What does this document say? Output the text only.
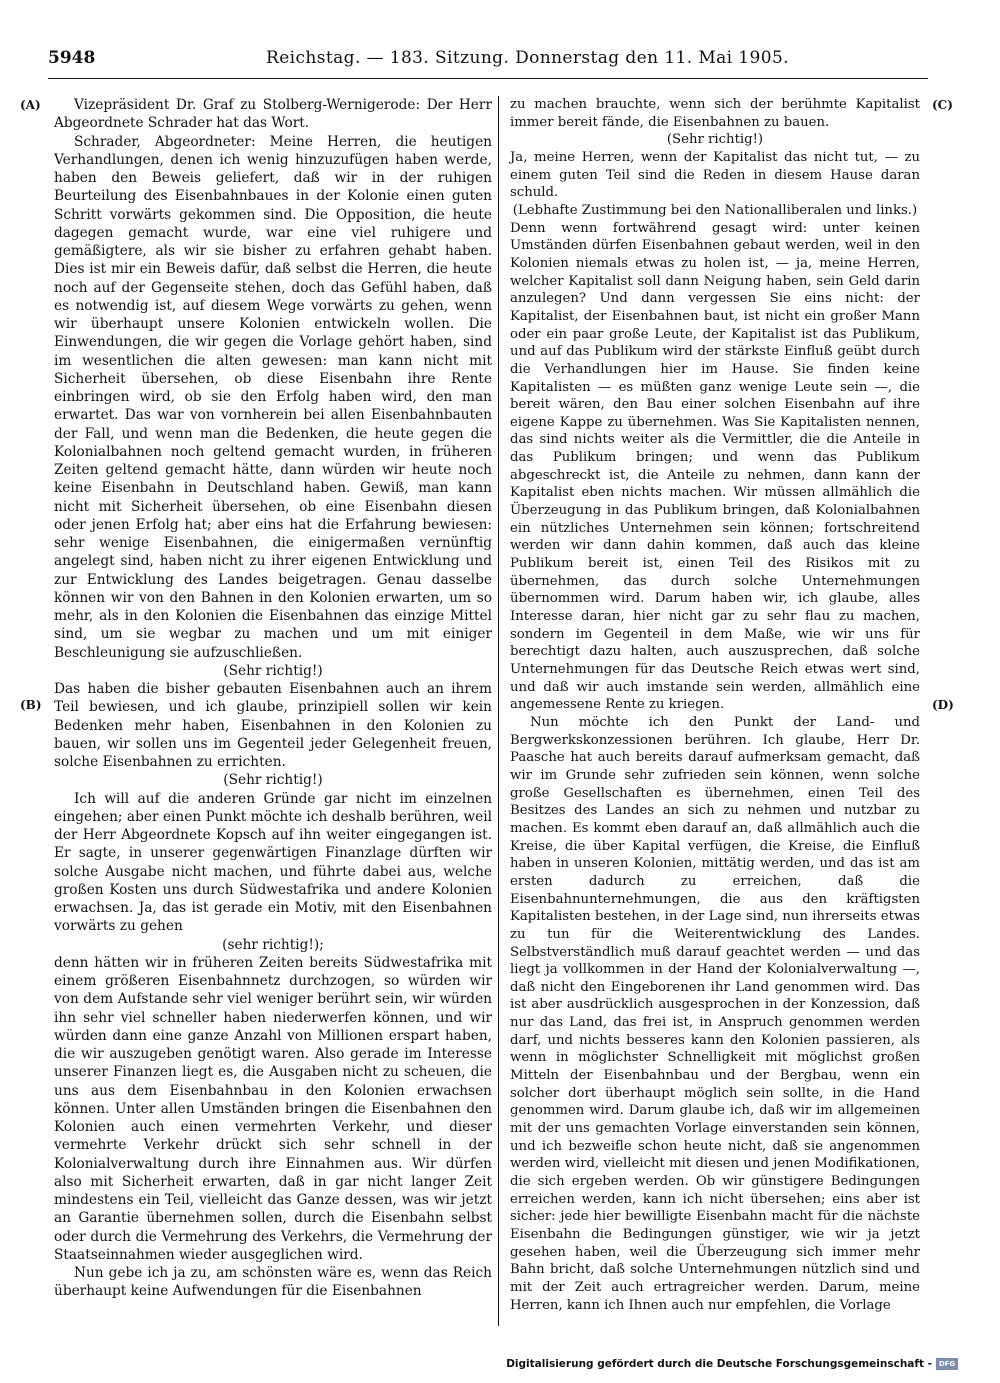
5948	Reichstag. — 183. Sitzung. Donnerstag den 11. Mai 1905.
(A)
(B)
(C)
(D)

Vizepräsident Dr. Graf zu Stolberg-Wernigerode: Der Herr Abgeordnete Schrader hat das Wort.

Schrader, Abgeordneter: Meine Herren, die heutigen Verhandlungen, denen ich wenig hinzuzufügen haben werde, haben den Beweis geliefert, daß wir in der ruhigen Beurteilung des Eisenbahnbaues in der Kolonie einen guten Schritt vorwärts gekommen sind. Die Opposition, die heute dagegen gemacht wurde, war eine viel ruhigere und gemäßigtere, als wir sie bisher zu erfahren gehabt haben. Dies ist mir ein Beweis dafür, daß selbst die Herren, die heute noch auf der Gegenseite stehen, doch das Gefühl haben, daß es notwendig ist, auf diesem Wege vorwärts zu gehen, wenn wir überhaupt unsere Kolonien entwickeln wollen. Die Einwendungen, die wir gegen die Vorlage gehört haben, sind im wesentlichen die alten gewesen: man kann nicht mit Sicherheit übersehen, ob diese Eisenbahn ihre Rente einbringen wird, ob sie den Erfolg haben wird, den man erwartet. Das war von vornherein bei allen Eisenbahnbauten der Fall, und wenn man die Bedenken, die heute gegen die Kolonialbahnen noch geltend gemacht wurden, in früheren Zeiten geltend gemacht hätte, dann würden wir heute noch keine Eisenbahn in Deutschland haben. Gewiß, man kann nicht mit Sicherheit übersehen, ob eine Eisenbahn diesen oder jenen Erfolg hat; aber eins hat die Erfahrung bewiesen: sehr wenige Eisenbahnen, die einigermaßen vernünftig angelegt sind, haben nicht zu ihrer eigenen Entwicklung und zur Entwicklung des Landes beigetragen. Genau dasselbe können wir von den Bahnen in den Kolonien erwarten, um so mehr, als in den Kolonien die Eisenbahnen das einzige Mittel sind, um sie wegbar zu machen und um mit einiger Beschleunigung sie aufzuschließen.

(Sehr richtig!)

Das haben die bisher gebauten Eisenbahnen auch an ihrem Teil bewiesen, und ich glaube, prinzipiell sollen wir kein Bedenken mehr haben, Eisenbahnen in den Kolonien zu bauen, wir sollen uns im Gegenteil jeder Gelegenheit freuen, solche Eisenbahnen zu errichten.

(Sehr richtig!)

Ich will auf die anderen Gründe gar nicht im einzelnen eingehen; aber einen Punkt möchte ich deshalb berühren, weil der Herr Abgeordnete Kopsch auf ihn weiter eingegangen ist. Er sagte, in unserer gegenwärtigen Finanzlage dürften wir solche Ausgabe nicht machen, und führte dabei aus, welche großen Kosten uns durch Südwestafrika und andere Kolonien erwachsen. Ja, das ist gerade ein Motiv, mit den Eisenbahnen vorwärts zu gehen

(sehr richtig!);

denn hätten wir in früheren Zeiten bereits Südwestafrika mit einem größeren Eisenbahnnetz durchzogen, so würden wir von dem Aufstande sehr viel weniger berührt sein, wir würden ihn sehr viel schneller haben niederwerfen können, und wir würden dann eine ganze Anzahl von Millionen erspart haben, die wir auszugeben genötigt waren. Also gerade im Interesse unserer Finanzen liegt es, die Ausgaben nicht zu scheuen, die uns aus dem Eisenbahnbau in den Kolonien erwachsen können. Unter allen Umständen bringen die Eisenbahnen den Kolonien auch einen vermehrten Verkehr, und dieser vermehrte Verkehr drückt sich sehr schnell in der Kolonialverwaltung durch ihre Einnahmen aus. Wir dürfen also mit Sicherheit erwarten, daß in gar nicht langer Zeit mindestens ein Teil, vielleicht das Ganze dessen, was wir jetzt an Garantie übernehmen sollen, durch die Eisenbahn selbst oder durch die Vermehrung des Verkehrs, die Vermehrung der Staatseinnahmen wieder ausgeglichen wird.

Nun gebe ich ja zu, am schönsten wäre es, wenn das Reich überhaupt keine Aufwendungen für die Eisenbahnen

zu machen brauchte, wenn sich der berühmte Kapitalist immer bereit fände, die Eisenbahnen zu bauen.

(Sehr richtig!)

Ja, meine Herren, wenn der Kapitalist das nicht tut, — zu einem guten Teil sind die Reden in diesem Hause daran schuld.

(Lebhafte Zustimmung bei den Nationalliberalen und links.)

Denn wenn fortwährend gesagt wird: unter keinen Umständen dürfen Eisenbahnen gebaut werden, weil in den Kolonien niemals etwas zu holen ist, — ja, meine Herren, welcher Kapitalist soll dann Neigung haben, sein Geld darin anzulegen? Und dann vergessen Sie eins nicht: der Kapitalist, der Eisenbahnen baut, ist nicht ein großer Mann oder ein paar große Leute, der Kapitalist ist das Publikum, und auf das Publikum wird der stärkste Einfluß geübt durch die Verhandlungen hier im Hause. Sie finden keine Kapitalisten — es müßten ganz wenige Leute sein —, die bereit wären, den Bau einer solchen Eisenbahn auf ihre eigene Kappe zu übernehmen. Was Sie Kapitalisten nennen, das sind nichts weiter als die Vermittler, die die Anteile in das Publikum bringen; und wenn das Publikum abgeschreckt ist, die Anteile zu nehmen, dann kann der Kapitalist eben nichts machen. Wir müssen allmählich die Überzeugung in das Publikum bringen, daß Kolonialbahnen ein nützliches Unternehmen sein können; fortschreitend werden wir dann dahin kommen, daß auch das kleine Publikum bereit ist, einen Teil des Risikos mit zu übernehmen, das durch solche Unternehmungen übernommen wird. Darum haben wir, ich glaube, alles Interesse daran, hier nicht gar zu sehr flau zu machen, sondern im Gegenteil in dem Maße, wie wir uns für berechtigt dazu halten, auch auszusprechen, daß solche Unternehmungen für das Deutsche Reich etwas wert sind, und daß wir auch imstande sein werden, allmählich eine angemessene Rente zu kriegen.

Nun möchte ich den Punkt der Land- und Bergwerkskonzessionen berühren. Ich glaube, Herr Dr. Paasche hat auch bereits darauf aufmerksam gemacht, daß wir im Grunde sehr zufrieden sein können, wenn solche große Gesellschaften es übernehmen, einen Teil des Besitzes des Landes an sich zu nehmen und nutzbar zu machen. Es kommt eben darauf an, daß allmählich auch die Kreise, die über Kapital verfügen, die Kreise, die Einfluß haben in unseren Kolonien, mittätig werden, und das ist am ersten dadurch zu erreichen, daß die Eisenbahnunternehmungen, die aus den kräftigsten Kapitalisten bestehen, in der Lage sind, nun ihrerseits etwas zu tun für die Weiterentwicklung des Landes. Selbstverständlich muß darauf geachtet werden — und das liegt ja vollkommen in der Hand der Kolonialverwaltung —, daß nicht den Eingeborenen ihr Land genommen wird. Das ist aber ausdrücklich ausgesprochen in der Konzession, daß nur das Land, das frei ist, in Anspruch genommen werden darf, und nichts besseres kann den Kolonien passieren, als wenn in möglichster Schnelligkeit mit möglichst großen Mitteln der Eisenbahnbau und der Bergbau, wenn ein solcher dort überhaupt möglich sein sollte, in die Hand genommen wird. Darum glaube ich, daß wir im allgemeinen mit der uns gemachten Vorlage einverstanden sein können, und ich bezweifle schon heute nicht, daß sie angenommen werden wird, vielleicht mit diesen und jenen Modifikationen, die sich ergeben werden. Ob wir günstigere Bedingungen erreichen werden, kann ich nicht übersehen; eins aber ist sicher: jede hier bewilligte Eisenbahn macht für die nächste Eisenbahn die Bedingungen günstiger, wie wir ja jetzt gesehen haben, weil die Überzeugung sich immer mehr Bahn bricht, daß solche Unternehmungen nützlich sind und mit der Zeit auch ertragreicher werden. Darum, meine Herren, kann ich Ihnen auch nur empfehlen, die Vorlage

Digitalisierung gefördert durch die Deutsche Forschungsgemeinschaft - DFG
